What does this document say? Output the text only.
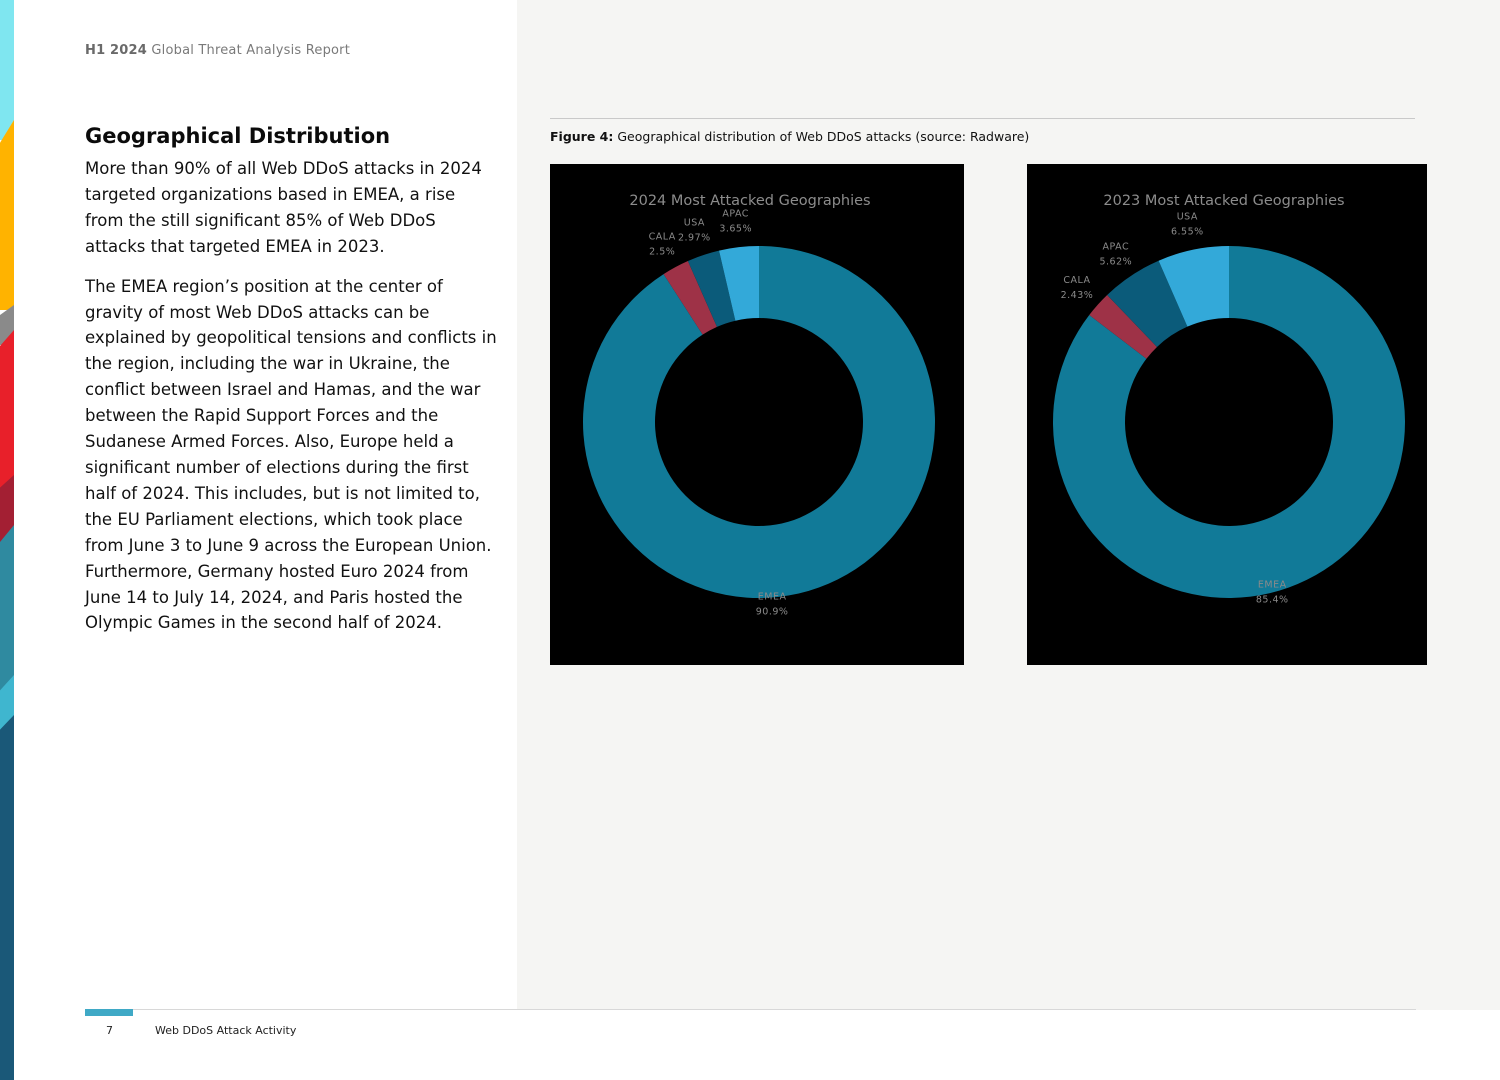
H1 2024 Global Threat Analysis Report
Geographical Distribution

More than 90% of all Web DDoS attacks in 2024 targeted organizations based in EMEA, a rise from the still significant 85% of Web DDoS attacks that targeted EMEA in 2023.

The EMEA region’s position at the center of gravity of most Web DDoS attacks can be explained by geopolitical tensions and conflicts in the region, including the war in Ukraine, the conflict between Israel and Hamas, and the war between the Rapid Support Forces and the Sudanese Armed Forces. Also, Europe held a significant number of elections during the first half of 2024. This includes, but is not limited to, the EU Parliament elections, which took place from June 3 to June 9 across the European Union. Furthermore, Germany hosted Euro 2024 from June 14 to July 14, 2024, and Paris hosted the Olympic Games in the second half of 2024.

Figure 4: Geographical distribution of Web DDoS attacks (source: Radware)
2024 Most Attacked Geographies
EMEA
90.9%
CALA
2.5%
USA
2.97%
APAC
3.65%
2023 Most Attacked Geographies
EMEA
85.4%
CALA
2.43%
APAC
5.62%
USA
6.55%
7	Web DDoS Attack Activity
